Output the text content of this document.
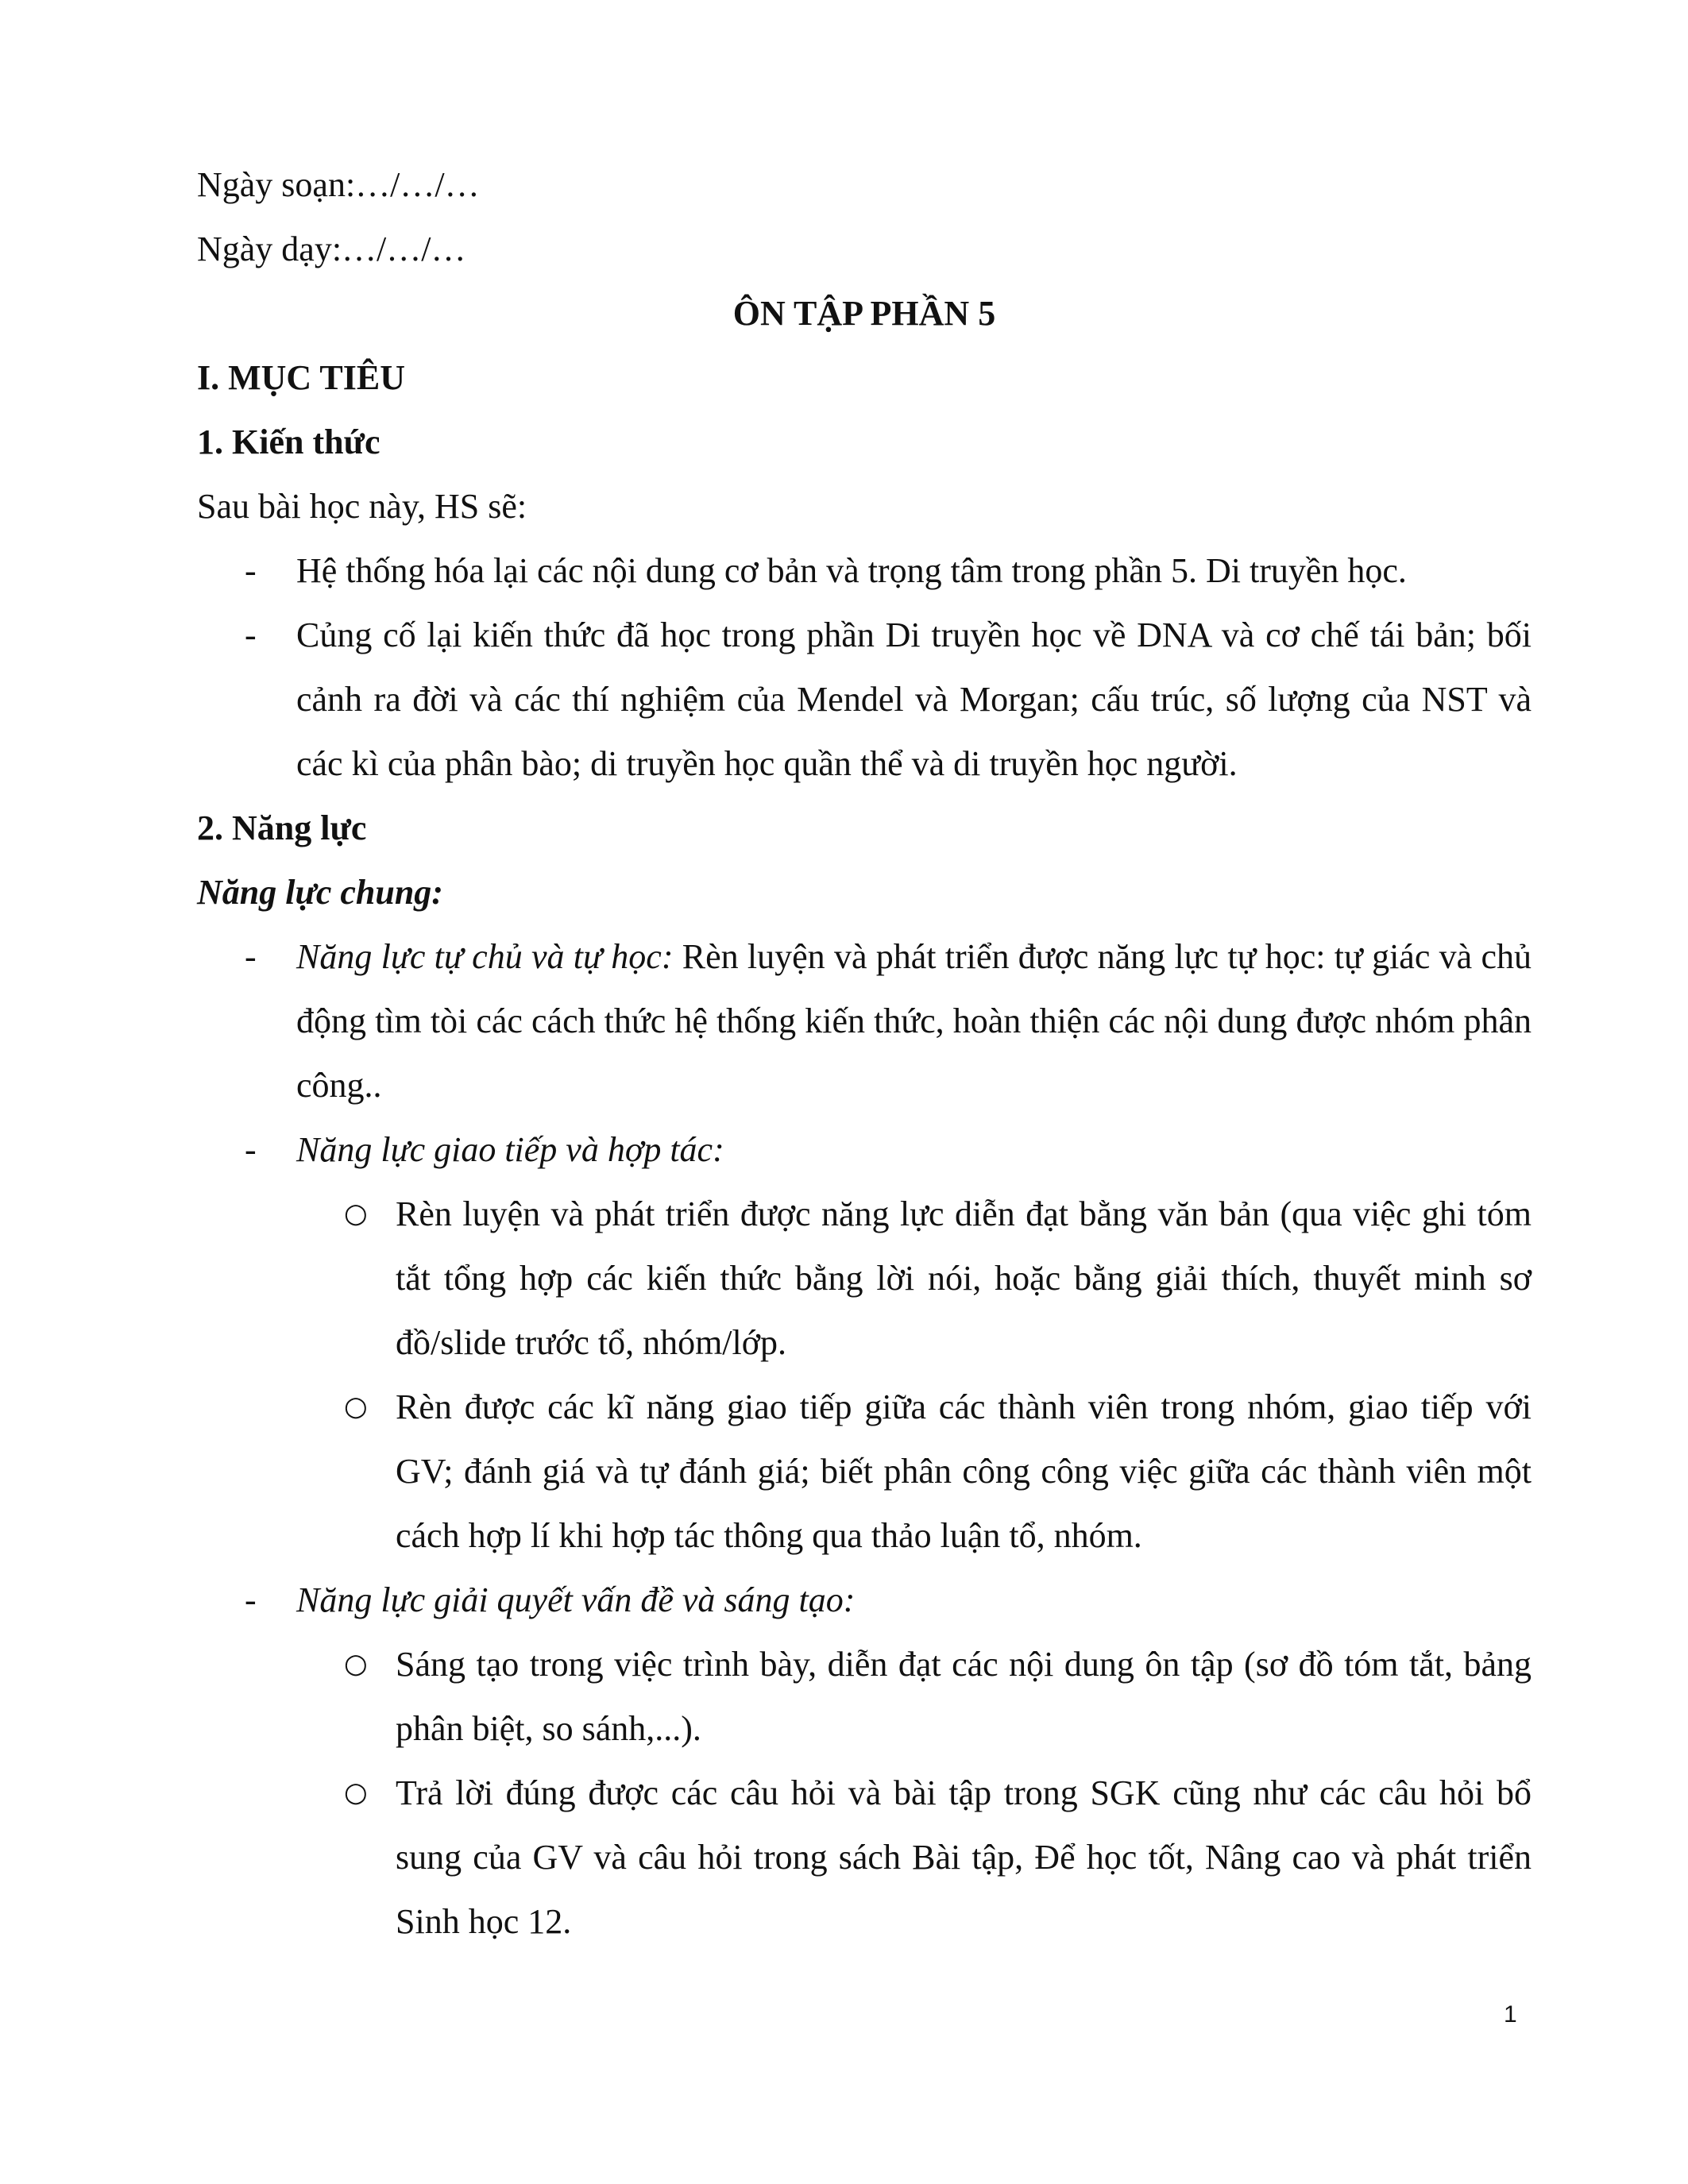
Ngày soạn:…/…/…

Ngày dạy:…/…/…

ÔN TẬP PHẦN 5

I. MỤC TIÊU

1. Kiến thức

Sau bài học này, HS sẽ:

- Hệ thống hóa lại các nội dung cơ bản và trọng tâm trong phần 5. Di truyền học.
- Củng cố lại kiến thức đã học trong phần Di truyền học về DNA và cơ chế tái bản; bối cảnh ra đời và các thí nghiệm của Mendel và Morgan; cấu trúc, số lượng của NST và các kì của phân bào; di truyền học quần thể và di truyền học người.

2. Năng lực

Năng lực chung:

- Năng lực tự chủ và tự học: Rèn luyện và phát triển được năng lực tự học: tự giác và chủ động tìm tòi các cách thức hệ thống kiến thức, hoàn thiện các nội dung được nhóm phân công..
- Năng lực giao tiếp và hợp tác:
○ Rèn luyện và phát triển được năng lực diễn đạt bằng văn bản (qua việc ghi tóm tắt tổng hợp các kiến thức bằng lời nói, hoặc bằng giải thích, thuyết minh sơ đồ/slide trước tổ, nhóm/lớp.
○ Rèn được các kĩ năng giao tiếp giữa các thành viên trong nhóm, giao tiếp với GV; đánh giá và tự đánh giá; biết phân công công việc giữa các thành viên một cách hợp lí khi hợp tác thông qua thảo luận tổ, nhóm.
- Năng lực giải quyết vấn đề và sáng tạo:
○ Sáng tạo trong việc trình bày, diễn đạt các nội dung ôn tập (sơ đồ tóm tắt, bảng phân biệt, so sánh,...).
○ Trả lời đúng được các câu hỏi và bài tập trong SGK cũng như các câu hỏi bổ sung của GV và câu hỏi trong sách Bài tập, Để học tốt, Nâng cao và phát triển Sinh học 12.
1
